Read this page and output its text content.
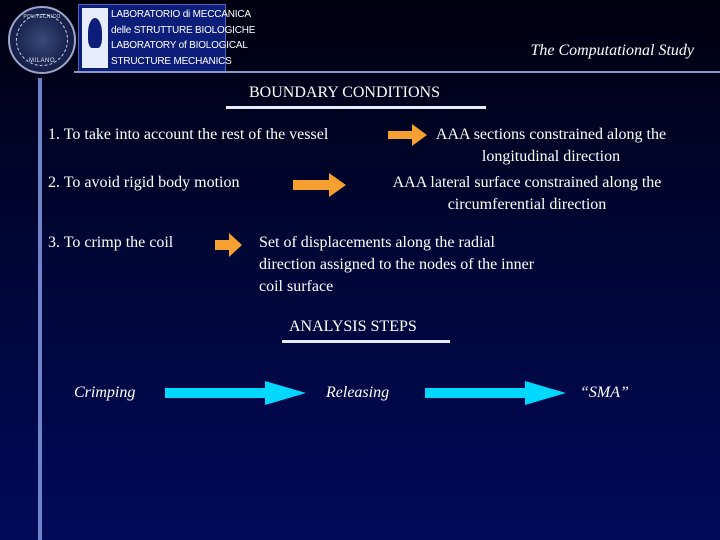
POLITECNICO
MILANO
LABORATORIO di MECCANICA
delle STRUTTURE BIOLOGICHE
LABORATORY of BIOLOGICAL
STRUCTURE MECHANICS
The Computational Study
BOUNDARY CONDITIONS
1. To take into account the rest of the vessel	AAA sections constrained along the
longitudinal direction
2. To avoid rigid body motion	AAA lateral surface constrained along the
circumferential direction
3. To crimp the coil	Set of displacements along the radial
direction assigned to the nodes of the inner
coil surface
ANALYSIS STEPS
Crimping	Releasing	“SMA”
